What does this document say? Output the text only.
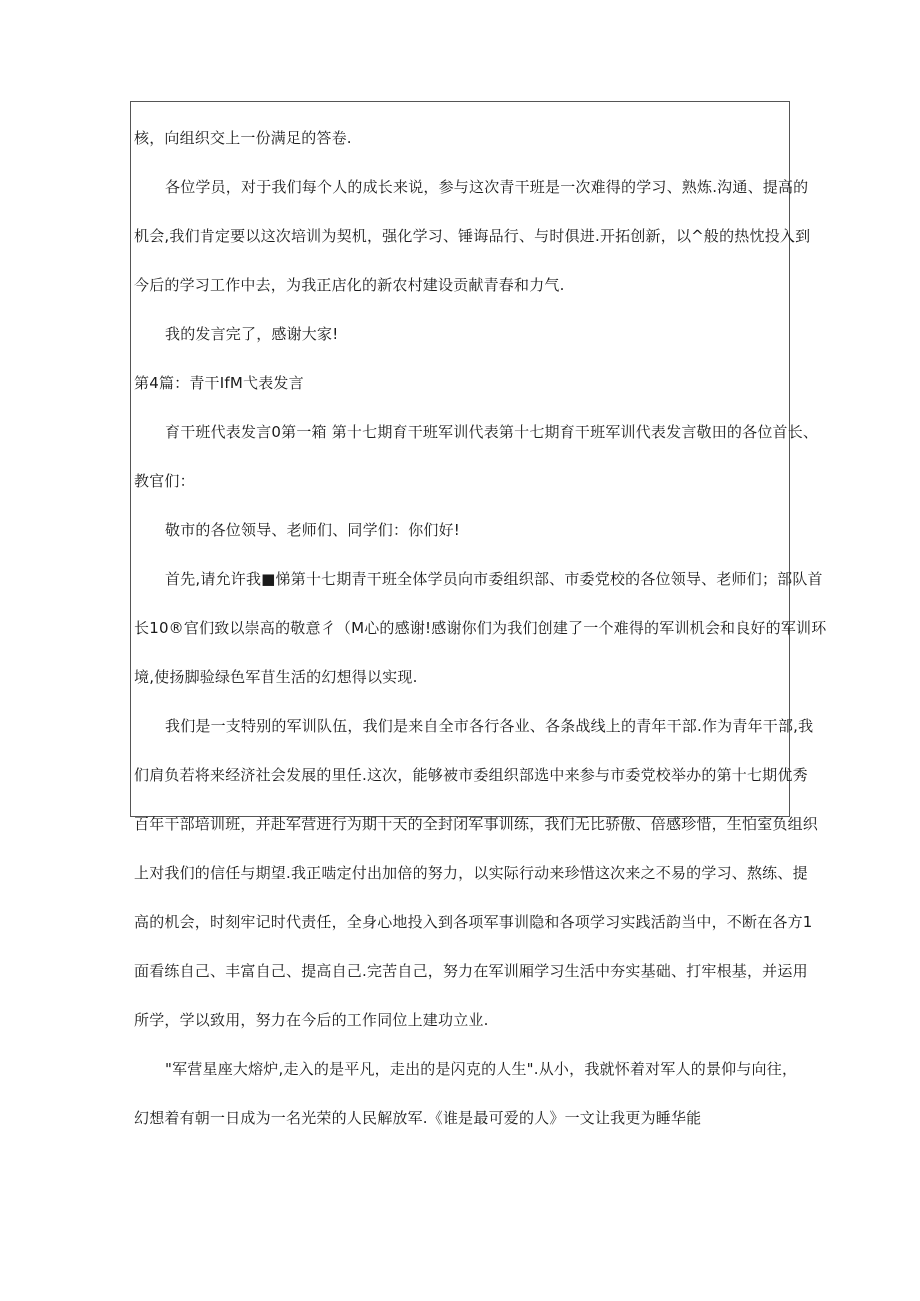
核，向组织交上一份满足的答卷.

各位学员，对于我们每个人的成长来说，参与这次青干班是一次难得的学习、熟炼.沟通、提高的

机会,我们肯定要以这次培训为契机，强化学习、锤诲品行、与时俱进.开拓创新，以^般的热忱投入到

今后的学习工作中去，为我正店化的新农村建设贡献青春和力气.

我的发言完了，感谢大家!

第4篇：青干IfM弋表发言

育干班代表发言0第一箱 第十七期育干班军训代表第十七期育干班军训代表发言敬田的各位首长、

教官们：

敬市的各位领导、老师们、同学们：你们好!

首先,请允许我■悌第十七期青干班全体学员向市委组织部、市委党校的各位领导、老师们；部队首

长10®官们致以崇高的敬意彳（M心的感谢!感谢你们为我们创建了一个难得的军训机会和良好的军训环

境,使扬脚验绿色军苜生活的幻想得以实现.

我们是一支特别的军训队伍，我们是来自全市各行各业、各条战线上的青年干部.作为青年干部,我

们肩负若将来经济社会发展的里任.这次，能够被市委组织部选中来参与市委党校举办的第十七期优秀

百年干部培训班，并赴军营进行为期十天的全封闭军事训练，我们无比骄傲、倍感珍惜，生怕室负组织

上对我们的信任与期望.我正啮定付出加倍的努力，以实际行动来珍惜这次来之不易的学习、熬练、提

高的机会，时刻牢记时代责任，全身心地投入到各项军事训隐和各项学习实践活韵当中，不断在各方1

面看练自己、丰富自己、提高自己.完苦自己，努力在军训厢学习生活中夯实基础、打牢根基，并运用

所学，学以致用，努力在今后的工作同位上建功立业.

"军营星座大熔炉,走入的是平凡，走出的是闪克的人生".从小，我就怀着对军人的景仰与向往，

幻想着有朝一日成为一名光荣的人民解放军.《谁是最可爱的人》一文让我更为睡华能
